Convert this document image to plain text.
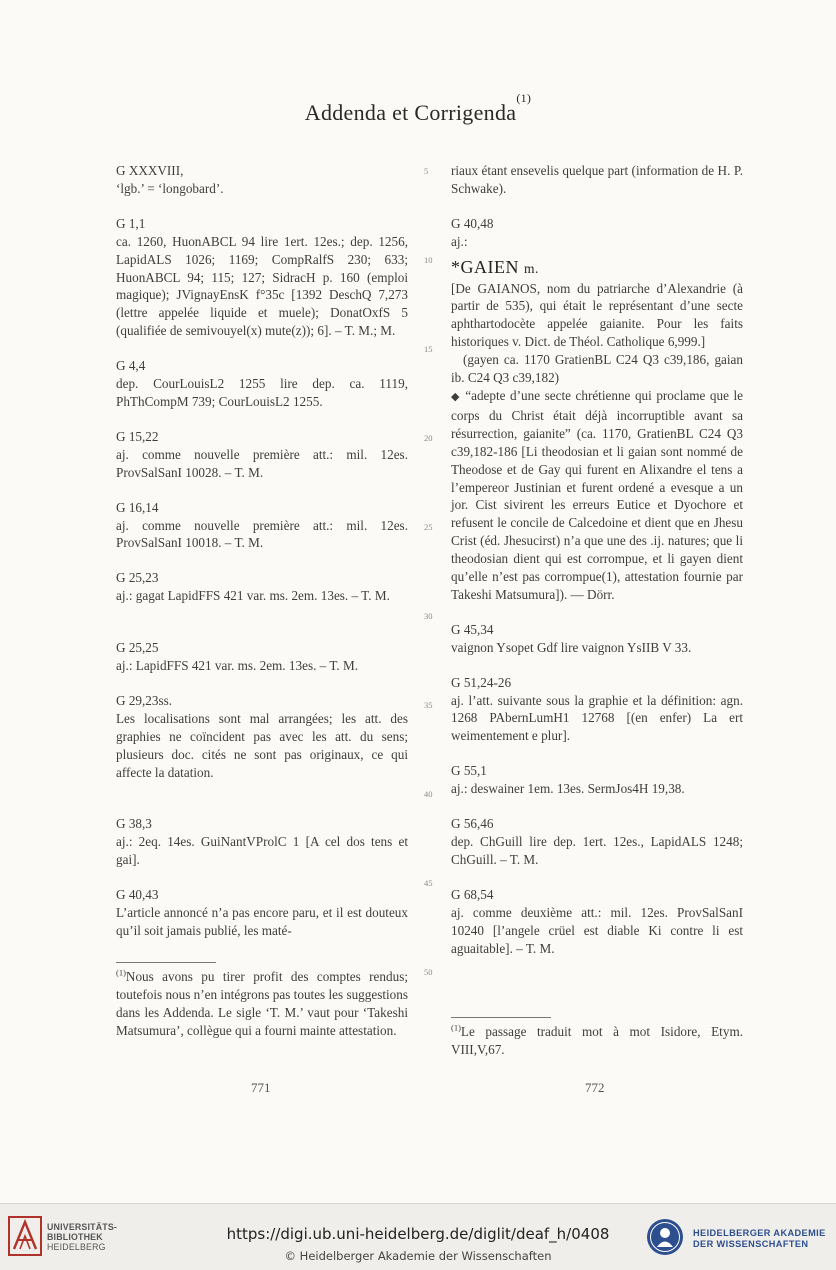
Addenda et Corrigenda$^{(1)}$

G XXXVIII,

‘lgb.’ = ‘longobard’.

G 1,1

ca. 1260, HuonABCL 94 lire 1ert. 12es.; dep. 1256, LapidALS 1026; 1169; CompRalfS 230; 633; HuonABCL 94; 115; 127; SidracH p. 160 (emploi magique); JVignayEnsK f°35c [1392 DeschQ 7,273 (lettre appelée liquide et muele); DonatOxfS 5 (qualifiée de semivouyel(x) mute(z)); 6]. – T. M.; M.

G 4,4

dep. CourLouisL2 1255 lire dep. ca. 1119, PhThCompM 739; CourLouisL2 1255.

G 15,22

aj. comme nouvelle première att.: mil. 12es. ProvSalSanI 10028. – T. M.

G 16,14

aj. comme nouvelle première att.: mil. 12es. ProvSalSanI 10018. – T. M.

G 25,23

aj.: gagat LapidFFS 421 var. ms. 2em. 13es. – T. M.

G 25,25

aj.: LapidFFS 421 var. ms. 2em. 13es. – T. M.

G 29,23ss.

Les localisations sont mal arrangées; les att. des graphies ne coïncident pas avec les att. du sens; plusieurs doc. cités ne sont pas originaux, ce qui affecte la datation.

G 38,3

aj.: 2eq. 14es. GuiNantVProlC 1 [A cel dos tens et gai].

G 40,43

L’article annoncé n’a pas encore paru, et il est douteux qu’il soit jamais publié, les maté-

5
10
15
20
25
30
35
40
45
50

riaux étant ensevelis quelque part (information de H. P. Schwake).

G 40,48

aj.:

*GAIEN m.

[De GAIANOS, nom du patriarche d’Alexandrie (à partir de 535), qui était le représentant d’une secte aphthartodocète appelée gaianite. Pour les faits historiques v. Dict. de Théol. Catholique 6,999.]

(gayen ca. 1170 GratienBL C24 Q3 c39,186, gaian ib. C24 Q3 c39,182)

◆ “adepte d’une secte chrétienne qui proclame que le corps du Christ était déjà incorruptible avant sa résurrection, gaianite” (ca. 1170, GratienBL C24 Q3 c39,182-186 [Li theodosian et li gaian sont nommé de Theodose et de Gay qui furent en Alixandre el tens a l’empereor Justinian et furent ordené a evesque a un jor. Cist sivirent les erreurs Eutice et Dyochore et refusent le concile de Calcedoine et dient que en Jhesu Crist (éd. Jhesucirst) n’a que une des .ij. natures; que li theodosian dient qui est corrompue, et li gayen dient qu’elle n’est pas corrompue(1), attestation fournie par Takeshi Matsumura]). — Dörr.

G 45,34

vaignon Ysopet Gdf lire vaignon YsIIB V 33.

G 51,24-26

aj. l’att. suivante sous la graphie et la définition: agn. 1268 PAbernLumH1 12768 [(en enfer) La ert weimentement e plur].

G 55,1

aj.: deswainer 1em. 13es. SermJos4H 19,38.

G 56,46

dep. ChGuill lire dep. 1ert. 12es., LapidALS 1248; ChGuill. – T. M.

G 68,54

aj. comme deuxième att.: mil. 12es. ProvSalSanI 10240 [l’angele crüel est diable Ki contre li est aguaitable]. – T. M.

$^{(1)}$Nous avons pu tirer profit des comptes rendus; toutefois nous n’en intégrons pas toutes les suggestions dans les Addenda. Le sigle ‘T. M.’ vaut pour ‘Takeshi Matsumura’, collègue qui a fourni mainte attestation.	$^{(1)}$Le passage traduit mot à mot Isidore, Etym. VIII,V,67.
771	772
UNIVERSITÄTS-
BIBLIOTHEK
HEIDELBERG
https://digi.ub.uni-heidelberg.de/diglit/deaf_h/0408
© Heidelberger Akademie der Wissenschaften
HEIDELBERGER AKADEMIE
DER WISSENSCHAFTEN
